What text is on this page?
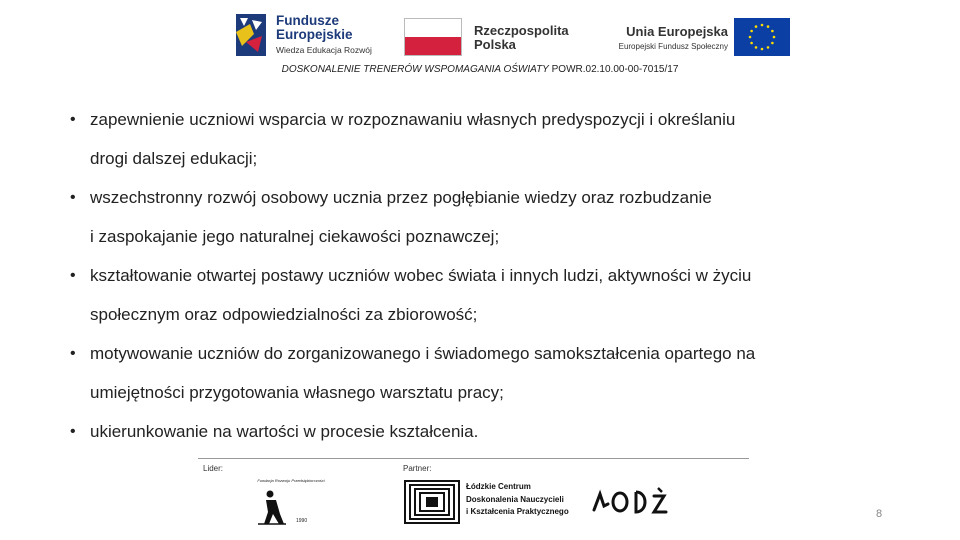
Fundusze
Europejskie
Wiedza Edukacja Rozwój
Rzeczpospolita
Polska
Unia Europejska
Europejski Fundusz Społeczny
DOSKONALENIE TRENERÓW WSPOMAGANIA OŚWIATY POWR.02.10.00-00-7015/17
• zapewnienie uczniowi wsparcia w rozpoznawaniu własnych predyspozycji i określaniu
drogi dalszej edukacji;
• wszechstronny rozwój osobowy ucznia przez pogłębianie wiedzy oraz rozbudzanie
i zaspokajanie jego naturalnej ciekawości poznawczej;
• kształtowanie otwartej postawy uczniów wobec świata i innych ludzi, aktywności w życiu
społecznym oraz odpowiedzialności za zbiorowość;
• motywowanie uczniów do zorganizowanego i świadomego samokształcenia opartego na
umiejętności przygotowania własnego warsztatu pracy;
• ukierunkowanie na wartości w procesie kształcenia.
Lider:	Partner:
Fundacja Rozwoju Przedsiębiorczości
1990
Łódzkie Centrum
Doskonalenia Nauczycieli
i Kształcenia Praktycznego	8
